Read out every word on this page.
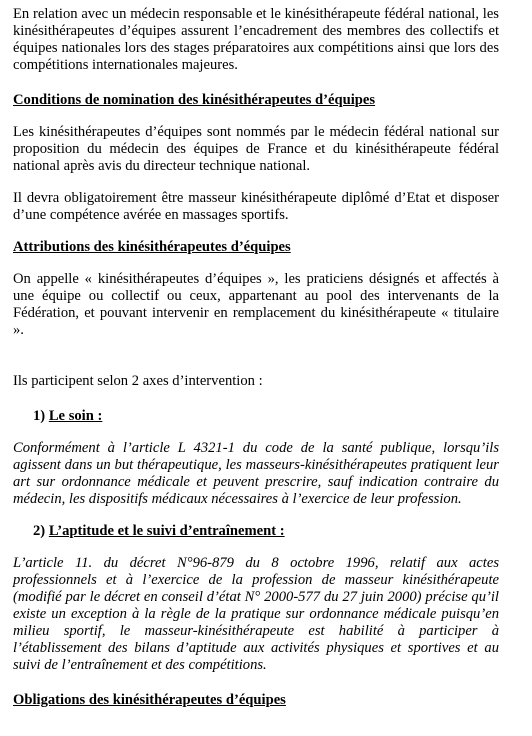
En relation avec un médecin responsable et le kinésithérapeute fédéral national, les kinésithérapeutes d’équipes assurent l’encadrement des membres des collectifs et équipes nationales lors des stages préparatoires aux compétitions ainsi que lors des compétitions internationales majeures.

Conditions de nomination des kinésithérapeutes d’équipes

Les kinésithérapeutes d’équipes sont nommés par le médecin fédéral national sur proposition du médecin des équipes de France et du kinésithérapeute fédéral national après avis du directeur technique national.

Il devra obligatoirement être masseur kinésithérapeute diplômé d’Etat et disposer d’une compétence avérée en massages sportifs.

Attributions des kinésithérapeutes d’équipes

On appelle « kinésithérapeutes d’équipes », les praticiens désignés et affectés à une équipe ou collectif ou ceux, appartenant au pool des intervenants de la Fédération, et pouvant intervenir en remplacement du kinésithérapeute « titulaire ».

Ils participent selon 2 axes d’intervention :

1) Le soin :

Conformément à l’article L 4321-1 du code de la santé publique, lorsqu’ils agissent dans un but thérapeutique, les masseurs-kinésithérapeutes pratiquent leur art sur ordonnance médicale et peuvent prescrire, sauf indication contraire du médecin, les dispositifs médicaux nécessaires à l’exercice de leur profession.

2) L’aptitude et le suivi d’entraînement :

L’article 11. du décret N°96-879 du 8 octobre 1996, relatif aux actes professionnels et à l’exercice de la profession de masseur kinésithérapeute (modifié par le décret en conseil d’état N° 2000-577 du 27 juin 2000) précise qu’il existe un exception à la règle de la pratique sur ordonnance médicale puisqu’en milieu sportif, le masseur-kinésithérapeute est habilité à participer à l’établissement des bilans d’aptitude aux activités physiques et sportives et au suivi de l’entraînement et des compétitions.

Obligations des kinésithérapeutes d’équipes
